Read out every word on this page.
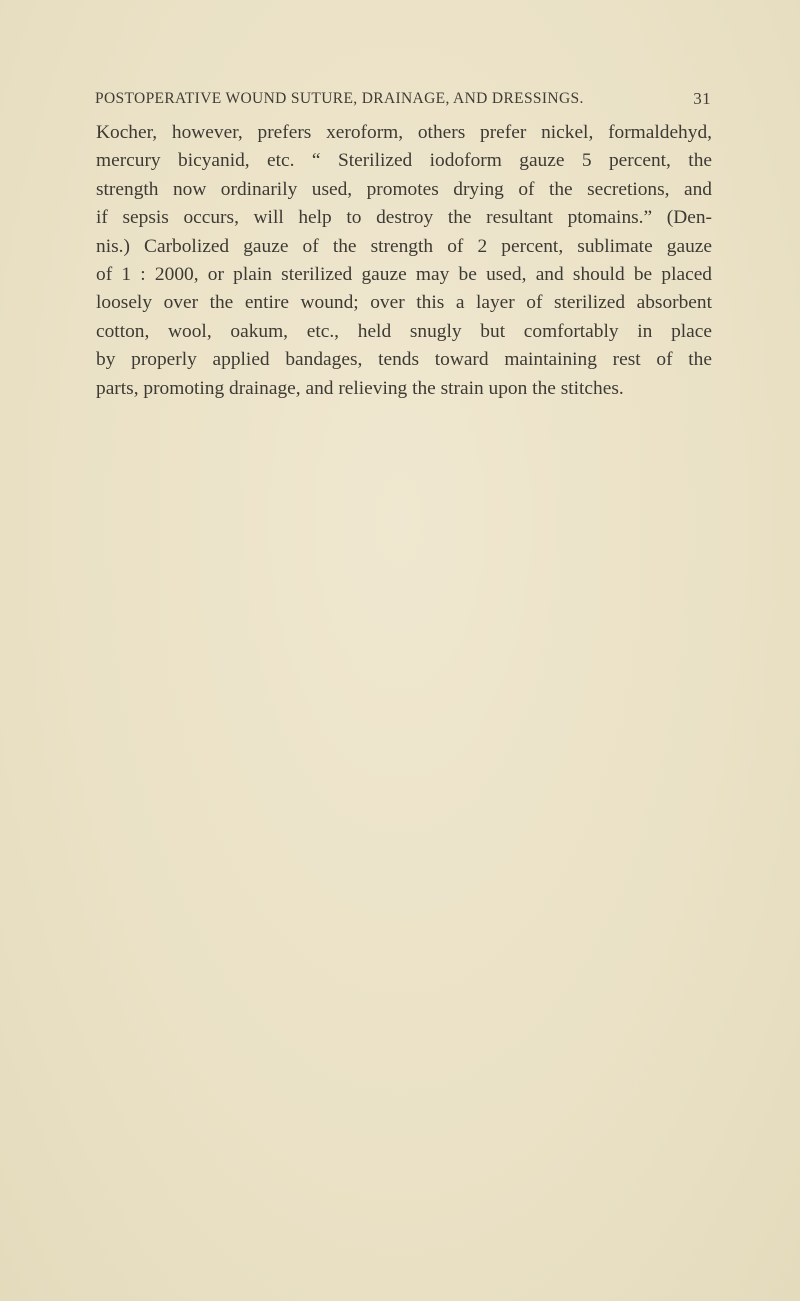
POSTOPERATIVE WOUND SUTURE, DRAINAGE, AND DRESSINGS.	31
Kocher, however, prefers xeroform, others prefer nickel, formaldehyd,
mercury bicyanid, etc. “ Sterilized iodoform gauze 5 percent, the
strength now ordinarily used, promotes drying of the secretions, and
if sepsis occurs, will help to destroy the resultant ptomains.” (Den-
nis.) Carbolized gauze of the strength of 2 percent, sublimate gauze
of 1 : 2000, or plain sterilized gauze may be used, and should be placed
loosely over the entire wound; over this a layer of sterilized absorbent
cotton, wool, oakum, etc., held snugly but comfortably in place
by properly applied bandages, tends toward maintaining rest of the
parts, promoting drainage, and relieving the strain upon the stitches.
